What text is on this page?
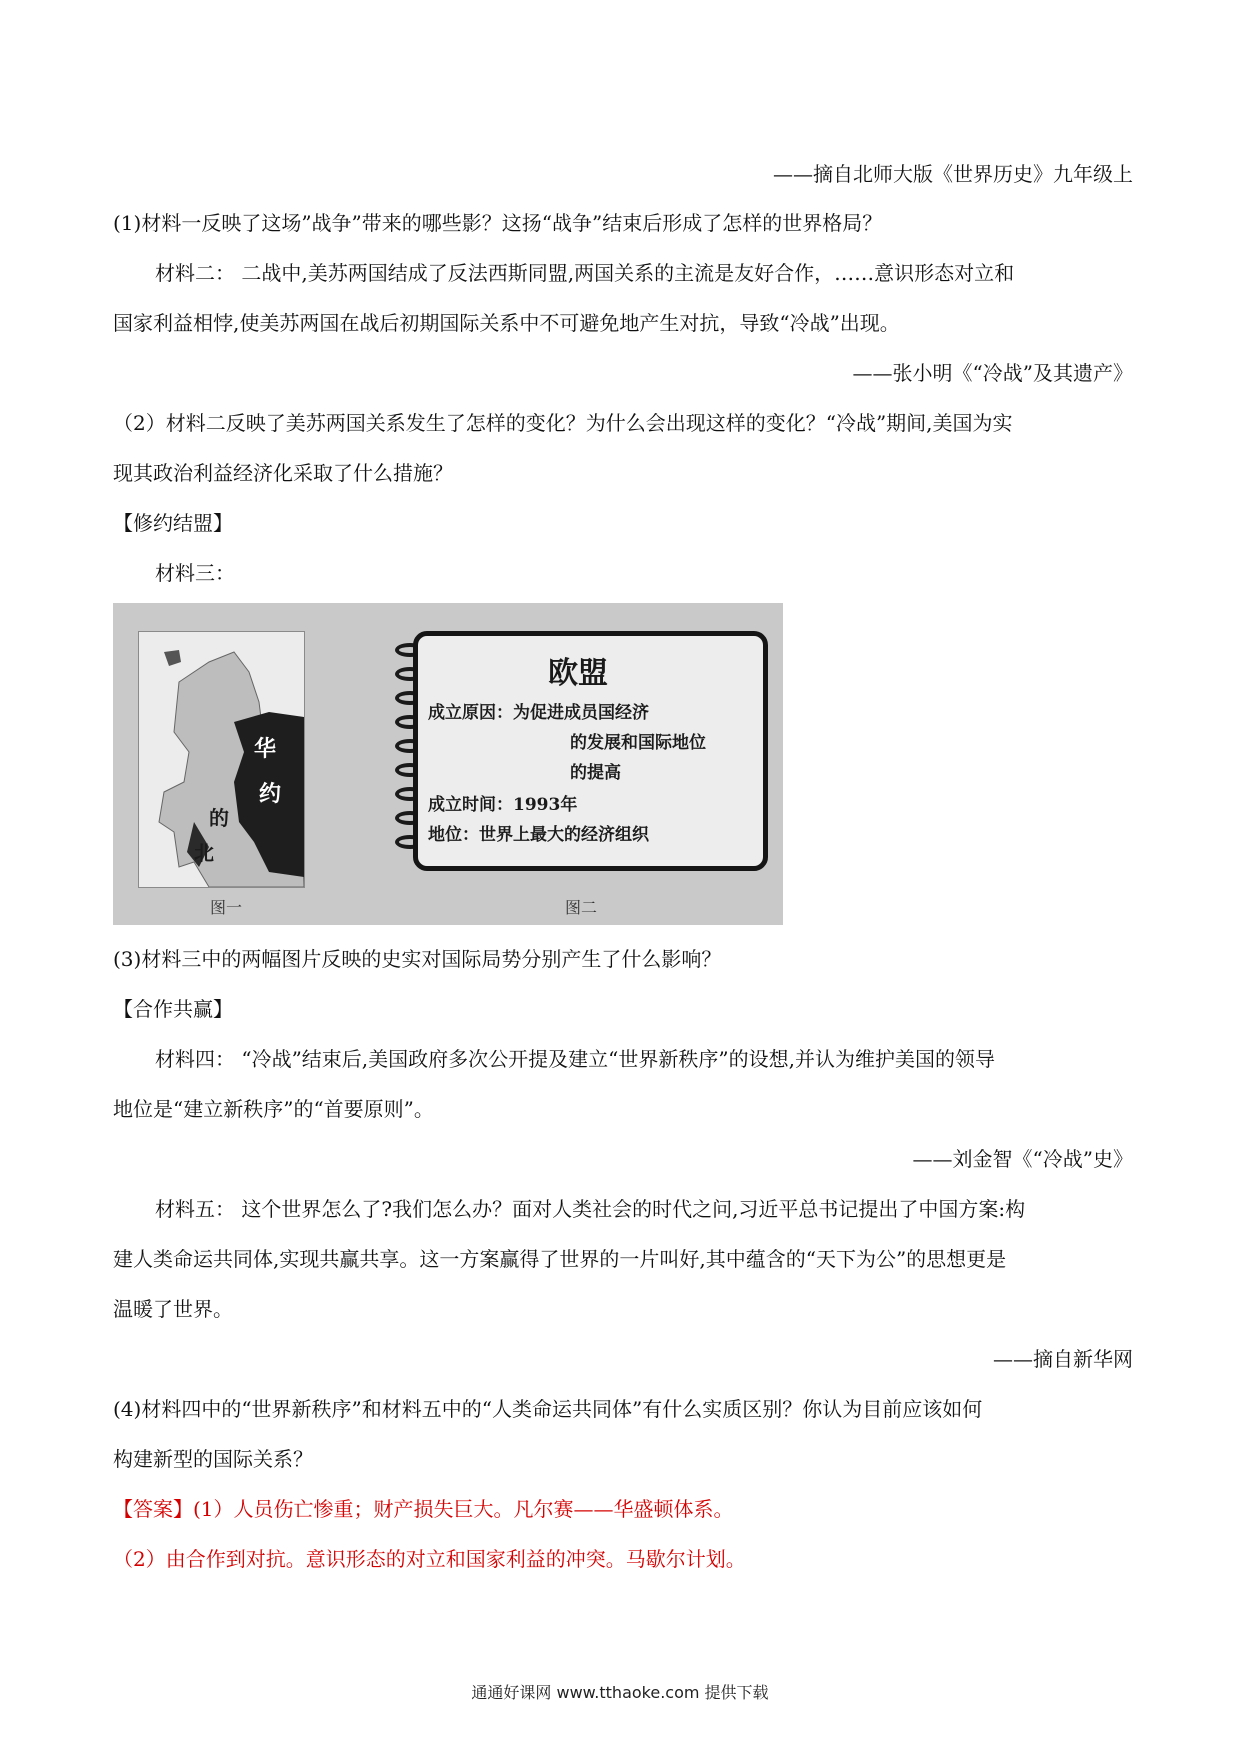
——摘自北师大版《世界历史》九年级上
(1)材料一反映了这场”战争”带来的哪些影？这扬“战争”结束后形成了怎样的世界格局？
材料二： 二战中,美苏两国结成了反法西斯同盟,两国关系的主流是友好合作，……意识形态对立和
国家利益相悖,使美苏两国在战后初期国际关系中不可避免地产生对抗，导致“冷战”出现。
——张小明《“冷战”及其遗产》
（2）材料二反映了美苏两国关系发生了怎样的变化？为什么会出现这样的变化？“冷战”期间,美国为实
现其政治利益经济化采取了什么措施？
【修约结盟】
材料三：
华
约
的
北
图一
欧盟
成立原因：为促进成员国经济
的发展和国际地位
的提高
成立时间：1993年
地位：世界上最大的经济组织
图二
(3)材料三中的两幅图片反映的史实对国际局势分别产生了什么影响？
【合作共赢】
材料四： “冷战”结束后,美国政府多次公开提及建立“世界新秩序”的设想,并认为维护美国的领导
地位是“建立新秩序”的“首要原则”。
——刘金智《“冷战”史》
材料五： 这个世界怎么了?我们怎么办？面对人类社会的时代之问,习近平总书记提出了中国方案:构
建人类命运共同体,实现共赢共享。这一方案赢得了世界的一片叫好,其中蕴含的“天下为公”的思想更是
温暖了世界。
——摘自新华网
(4)材料四中的“世界新秩序”和材料五中的“人类命运共同体”有什么实质区别？你认为目前应该如何
构建新型的国际关系？
【答案】(1）人员伤亡惨重；财产损失巨大。凡尔赛——华盛顿体系。
（2）由合作到对抗。意识形态的对立和国家利益的冲突。马歇尔计划。
通通好课网 www.tthaoke.com 提供下载
